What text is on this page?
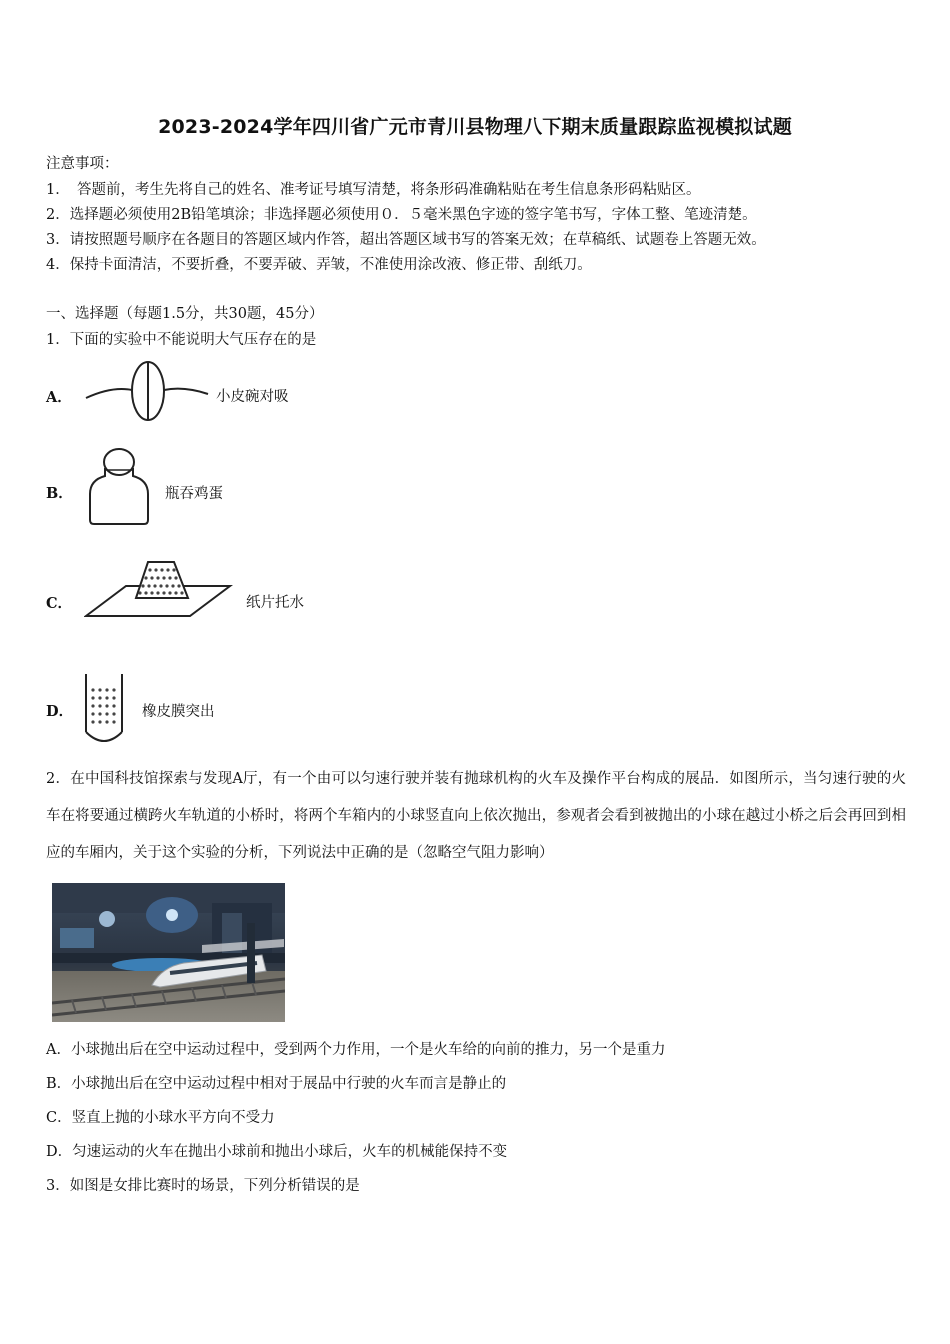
2023-2024学年四川省广元市青川县物理八下期末质量跟踪监视模拟试题
注意事项：
1．　答题前，考生先将自己的姓名、准考证号填写清楚，将条形码准确粘贴在考生信息条形码粘贴区。
2．选择题必须使用2B铅笔填涂；非选择题必须使用０．５毫米黑色字迹的签字笔书写，字体工整、笔迹清楚。
3．请按照题号顺序在各题目的答题区域内作答，超出答题区域书写的答案无效；在草稿纸、试题卷上答题无效。
4．保持卡面清洁，不要折叠，不要弄破、弄皱，不准使用涂改液、修正带、刮纸刀。
一、选择题（每题1.5分，共30题，45分）
1．下面的实验中不能说明大气压存在的是
A．	小皮碗对吸
B．	瓶吞鸡蛋
C．	纸片托水
D．	橡皮膜突出
2．在中国科技馆探索与发现A厅，有一个由可以匀速行驶并装有抛球机构的火车及操作平台构成的展品．如图所示，当匀速行驶的火车在将要通过横跨火车轨道的小桥时，将两个车箱内的小球竖直向上依次抛出，参观者会看到被抛出的小球在越过小桥之后会再回到相应的车厢内，关于这个实验的分析，下列说法中正确的是（忽略空气阻力影响）
A．小球抛出后在空中运动过程中，受到两个力作用，一个是火车给的向前的推力，另一个是重力
B．小球抛出后在空中运动过程中相对于展品中行驶的火车而言是静止的
C．竖直上抛的小球水平方向不受力
D．匀速运动的火车在抛出小球前和抛出小球后，火车的机械能保持不变
3．如图是女排比赛时的场景，下列分析错误的是
